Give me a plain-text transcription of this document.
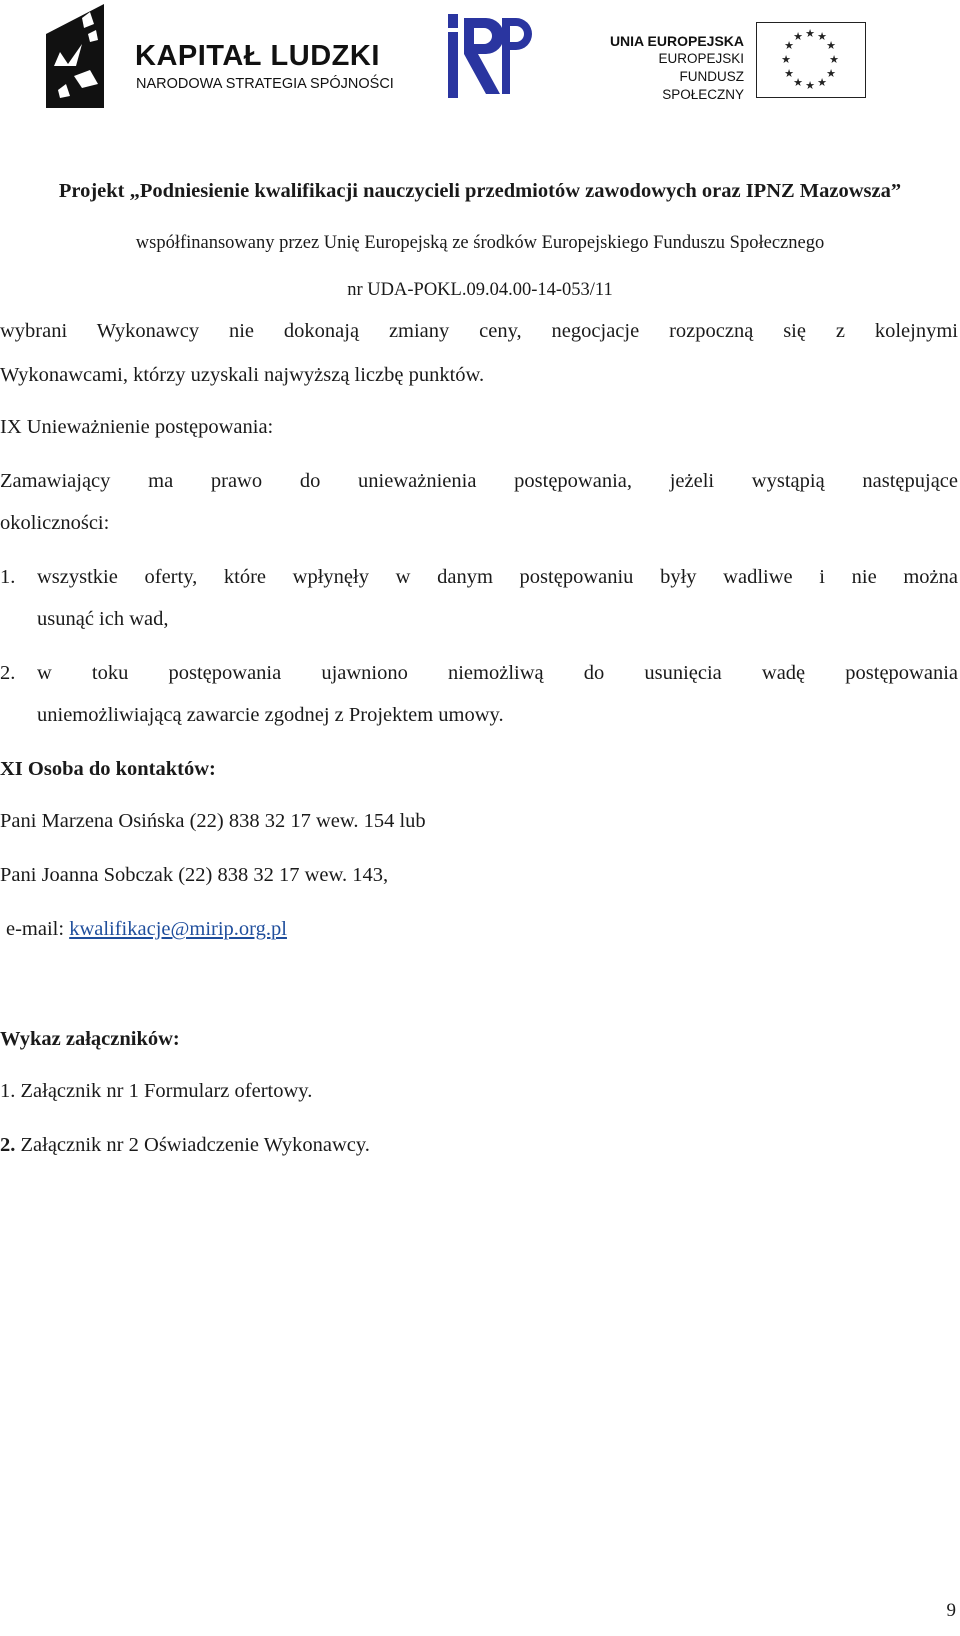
KAPITAŁ LUDZKI
NARODOWA STRATEGIA SPÓJNOŚCI
UNIA EUROPEJSKA
EUROPEJSKI
FUNDUSZ SPOŁECZNY
★ ★
★
★
★
★
★
★
★
★
★
★
Projekt „Podniesienie kwalifikacji nauczycieli przedmiotów zawodowych oraz IPNZ Mazowsza”
współfinansowany przez Unię Europejską ze środków Europejskiego Funduszu Społecznego
nr UDA-POKL.09.04.00-14-053/11
wybrani Wykonawcy nie dokonają zmiany ceny, negocjacje rozpoczną się z kolejnymi
Wykonawcami, którzy uzyskali najwyższą liczbę punktów.
IX Unieważnienie postępowania:
Zamawiający ma prawo do unieważnienia postępowania, jeżeli wystąpią następujące
okoliczności:
1.	wszystkie oferty, które wpłynęły w danym postępowaniu były wadliwe i nie można
usunąć ich wad,
2.	w toku postępowania ujawniono niemożliwą do usunięcia wadę postępowania
uniemożliwiającą zawarcie zgodnej z Projektem umowy.
XI Osoba do kontaktów:
Pani Marzena Osińska (22) 838 32 17 wew. 154 lub
Pani Joanna Sobczak (22) 838 32 17 wew. 143,
e-mail: kwalifikacje@mirip.org.pl
Wykaz załączników:
1. Załącznik nr 1 Formularz ofertowy.
2. Załącznik nr 2 Oświadczenie Wykonawcy.
9
